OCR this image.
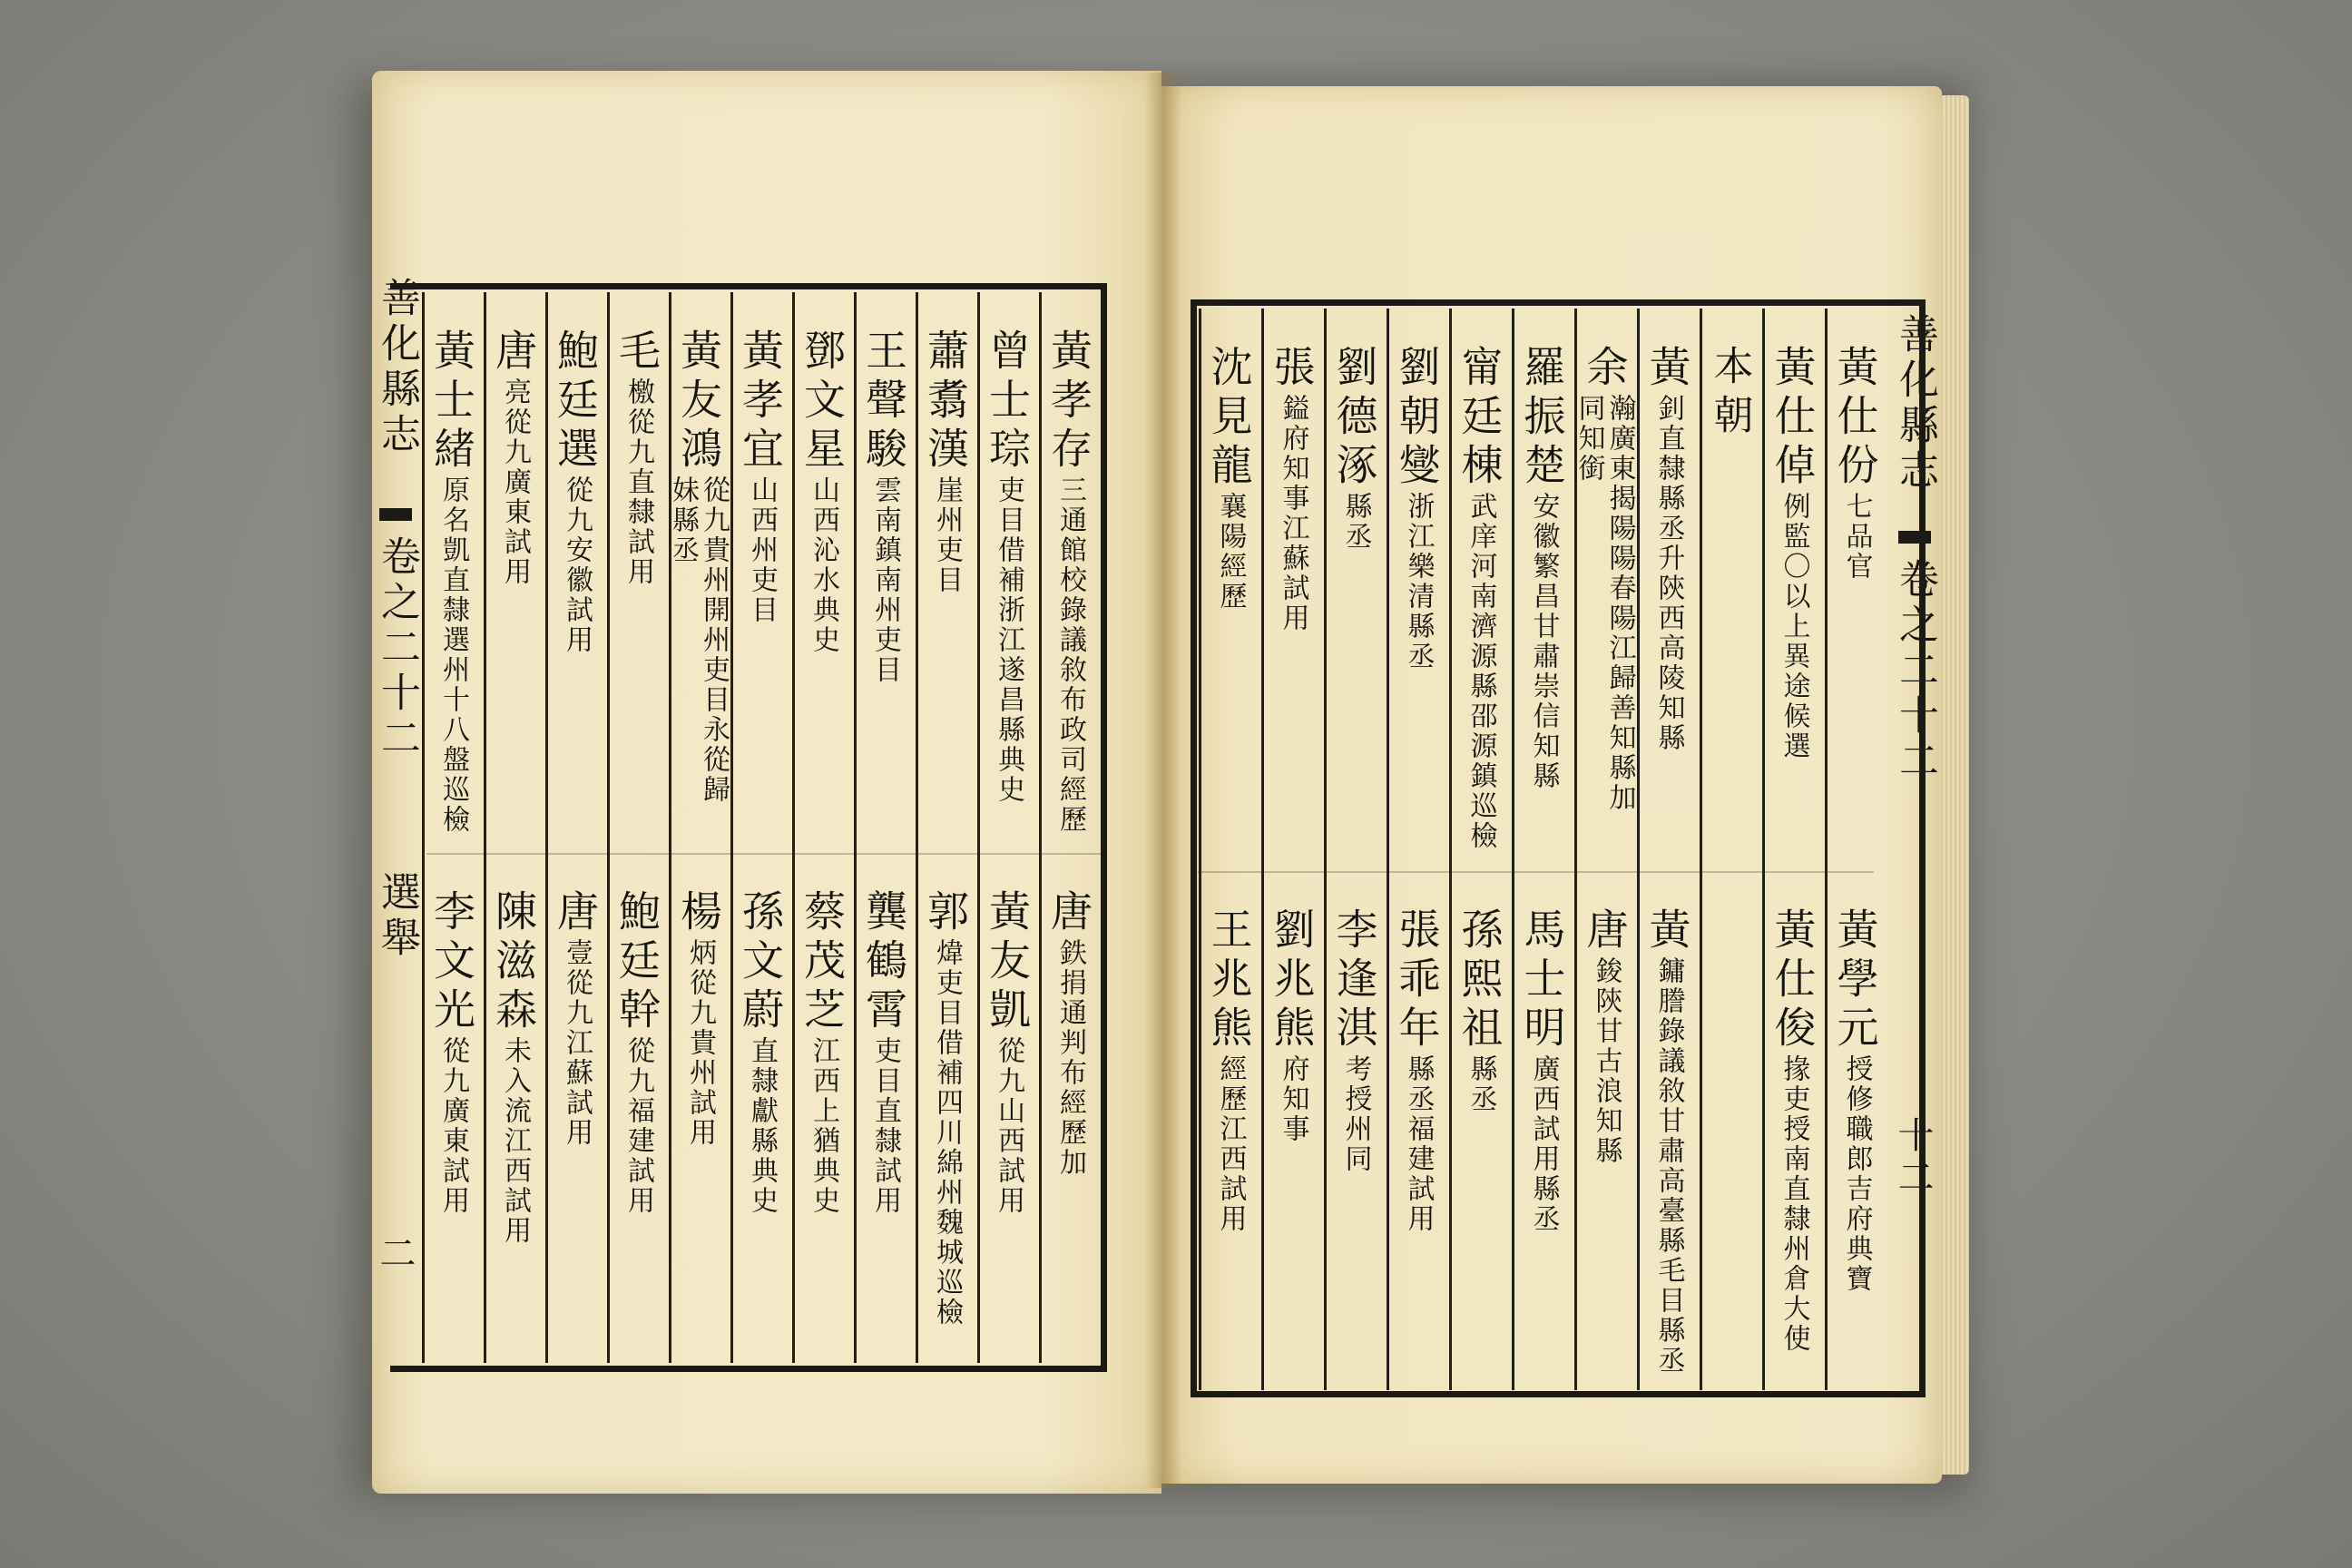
善化縣志
卷之二十二
選舉
二
善化縣志
卷之二十二
十二
黃孝存
三通館校錄議敘布政司經歷
唐
鉄捐通判布經歷加
曾士琮
吏目借補浙江遂昌縣典史
黃友凱
從九山西試用
蕭翥漢
崖州吏目
郭
煒吏目借補四川綿州魏城巡檢
王聲駿
雲南鎮南州吏目
龔鶴霄
吏目直隸試用
鄧文星
山西沁水典史
蔡茂芝
江西上猶典史
黃孝宜
山西州吏目
孫文蔚
直隸獻縣典史
黃友鴻
從九貴州開州吏目永從歸妹縣丞
楊
炳從九貴州試用
毛
檄從九直隸試用
鮑廷幹
從九福建試用
鮑廷選
從九安徽試用
唐
壹從九江蘇試用
唐
亮從九廣東試用
陳滋森
未入流江西試用
黃士緒
原名凱直隸選州十八盤巡檢
李文光
從九廣東試用
黃仕份
七品官
黃學元
授修職郎吉府典寶
黃仕倬
例監〇以上異途候選
黃仕俊
掾吏授南直隸州倉大使
本朝
黃
釗直隸縣丞升陝西高陵知縣
黃
鏞謄錄議敘甘肅高臺縣毛目縣丞
余
瀚廣東揭陽陽春陽江歸善知縣加同知銜
唐
鋑陝甘古浪知縣
羅振楚
安徽繁昌甘肅崇信知縣
馬士明
廣西試用縣丞
甯廷棟
武庠河南濟源縣邵源鎮巡檢
孫熙祖
縣丞
劉朝燮
浙江樂清縣丞
張乖年
縣丞福建試用
劉德涿
縣丞
李逢淇
考授州同
張
鎰府知事江蘇試用
劉兆熊
府知事
沈見龍
襄陽經歷
王兆熊
經歷江西試用
